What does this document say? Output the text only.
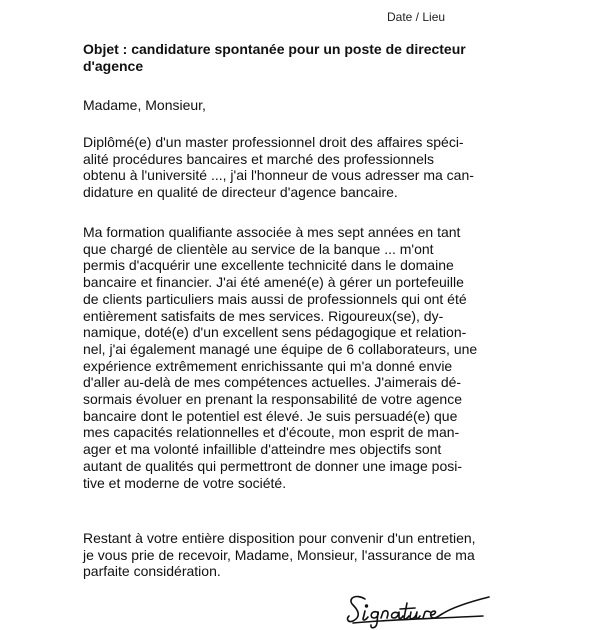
Date / Lieu
Objet : candidature spontanée pour un poste de directeur
d'agence
Madame, Monsieur,
Diplômé(e) d'un master professionnel droit des affaires spéci-
alité procédures bancaires et marché des professionnels
obtenu à l'université ..., j'ai l'honneur de vous adresser ma can-
didature en qualité de directeur d'agence bancaire.
Ma formation qualifiante associée à mes sept années en tant
que chargé de clientèle au service de la banque ... m'ont
permis d'acquérir une excellente technicité dans le domaine
bancaire et financier. J'ai été amené(e) à gérer un portefeuille
de clients particuliers mais aussi de professionnels qui ont été
entièrement satisfaits de mes services. Rigoureux(se), dy-
namique, doté(e) d'un excellent sens pédagogique et relation-
nel, j'ai également managé une équipe de 6 collaborateurs, une
expérience extrêmement enrichissante qui m'a donné envie
d'aller au-delà de mes compétences actuelles. J'aimerais dé-
sormais évoluer en prenant la responsabilité de votre agence
bancaire dont le potentiel est élevé. Je suis persuadé(e) que
mes capacités relationnelles et d'écoute, mon esprit de man-
ager et ma volonté infaillible d'atteindre mes objectifs sont
autant de qualités qui permettront de donner une image posi-
tive et moderne de votre société.
Restant à votre entière disposition pour convenir d'un entretien,
je vous prie de recevoir, Madame, Monsieur, l'assurance de ma
parfaite considération.
